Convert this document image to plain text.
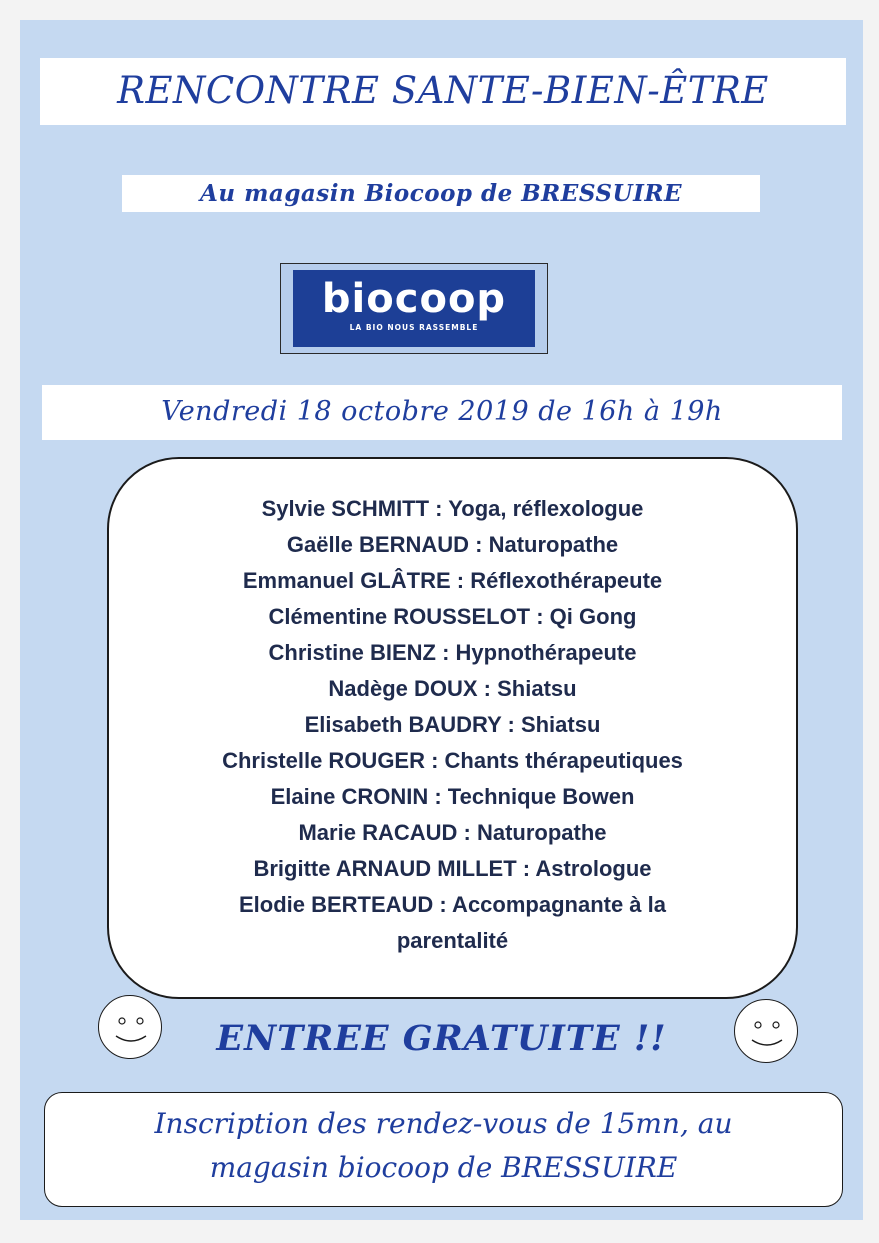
RENCONTRE SANTE-BIEN-ÊTRE
Au magasin Biocoop de BRESSUIRE
biocoop
LA BIO NOUS RASSEMBLE
Vendredi 18 octobre 2019 de 16h à 19h
Sylvie SCHMITT : Yoga, réflexologue
Gaëlle BERNAUD : Naturopathe
Emmanuel GLÂTRE : Réflexothérapeute
Clémentine ROUSSELOT : Qi Gong
Christine BIENZ : Hypnothérapeute
Nadège DOUX : Shiatsu
Elisabeth BAUDRY : Shiatsu
Christelle ROUGER : Chants thérapeutiques
Elaine CRONIN : Technique Bowen
Marie RACAUD : Naturopathe
Brigitte ARNAUD MILLET : Astrologue
Elodie BERTEAUD : Accompagnante à la
parentalité
ENTREE GRATUITE !!
Inscription des rendez-vous de 15mn, au
magasin biocoop de BRESSUIRE
